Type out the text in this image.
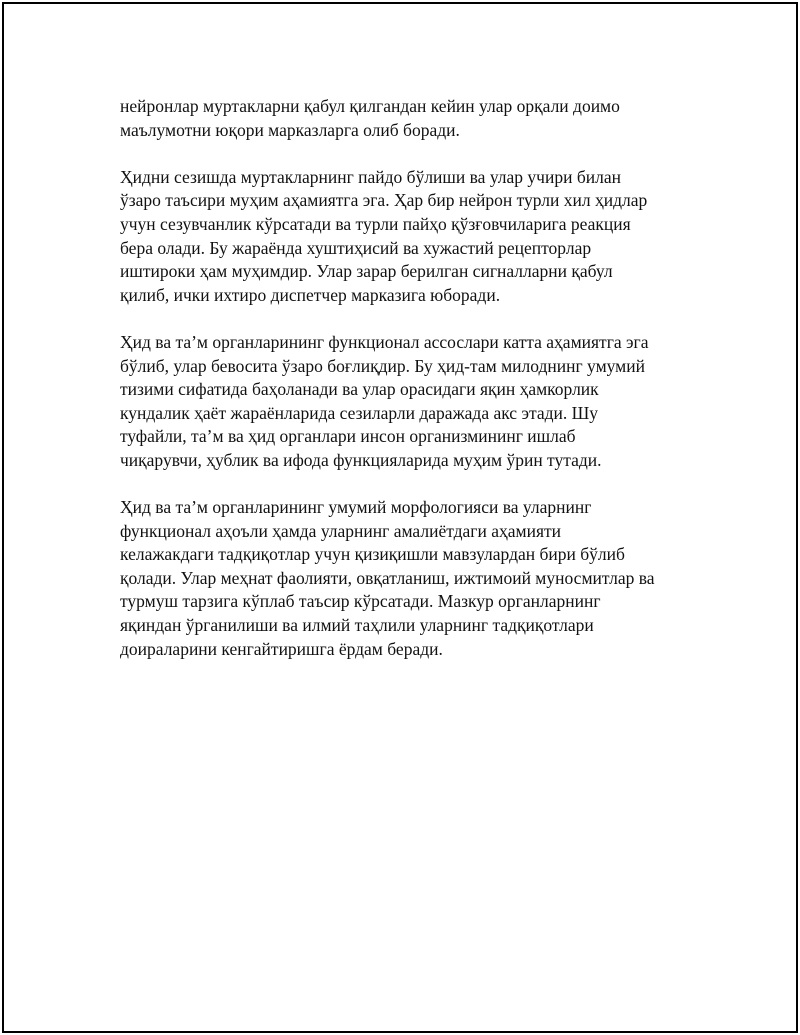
нейронлар муртакларни қабул қилгандан кейин улар орқали доимо
маълумотни юқори марказларга олиб боради.

Ҳидни сезишда муртакларнинг пайдо бўлиши ва улар учири билан
ўзаро таъсири муҳим аҳамиятга эга. Ҳар бир нейрон турли хил ҳидлар
учун сезувчанлик кўрсатади ва турли пайҳо қўзғовчиларига реакция
бера олади. Бу жараёнда хуштиҳисий ва хужастий рецепторлар
иштироки ҳам муҳимдир. Улар зарар берилган сигналларни қабул
қилиб, ички ихтиро диспетчер марказига юборади.

Ҳид ва та’м органларининг функционал ассослари катта аҳамиятга эга
бўлиб, улар бевосита ўзаро боғлиқдир. Бу ҳид-там милоднинг умумий
тизими сифатида баҳоланади ва улар орасидаги яқин ҳамкорлик
кундалик ҳаёт жараёнларида сезиларли даражада акс этади. Шу
туфайли, та’м ва ҳид органлари инсон организмининг ишлаб
чиқарувчи, ҳублик ва ифода функцияларида муҳим ўрин тутади.

Ҳид ва та’м органларининг умумий морфологияси ва уларнинг
функционал аҳоъли ҳамда уларнинг амалиётдаги аҳамияти
келажакдаги тадқиқотлар учун қизиқишли мавзулардан бири бўлиб
қолади. Улар меҳнат фаолияти, овқатланиш, ижтимоий муносмитлар ва
турмуш тарзига кўплаб таъсир кўрсатади. Мазкур органларнинг
яқиндан ўрганилиши ва илмий таҳлили уларнинг тадқиқотлари
доираларини кенгайтиришга ёрдам беради.
